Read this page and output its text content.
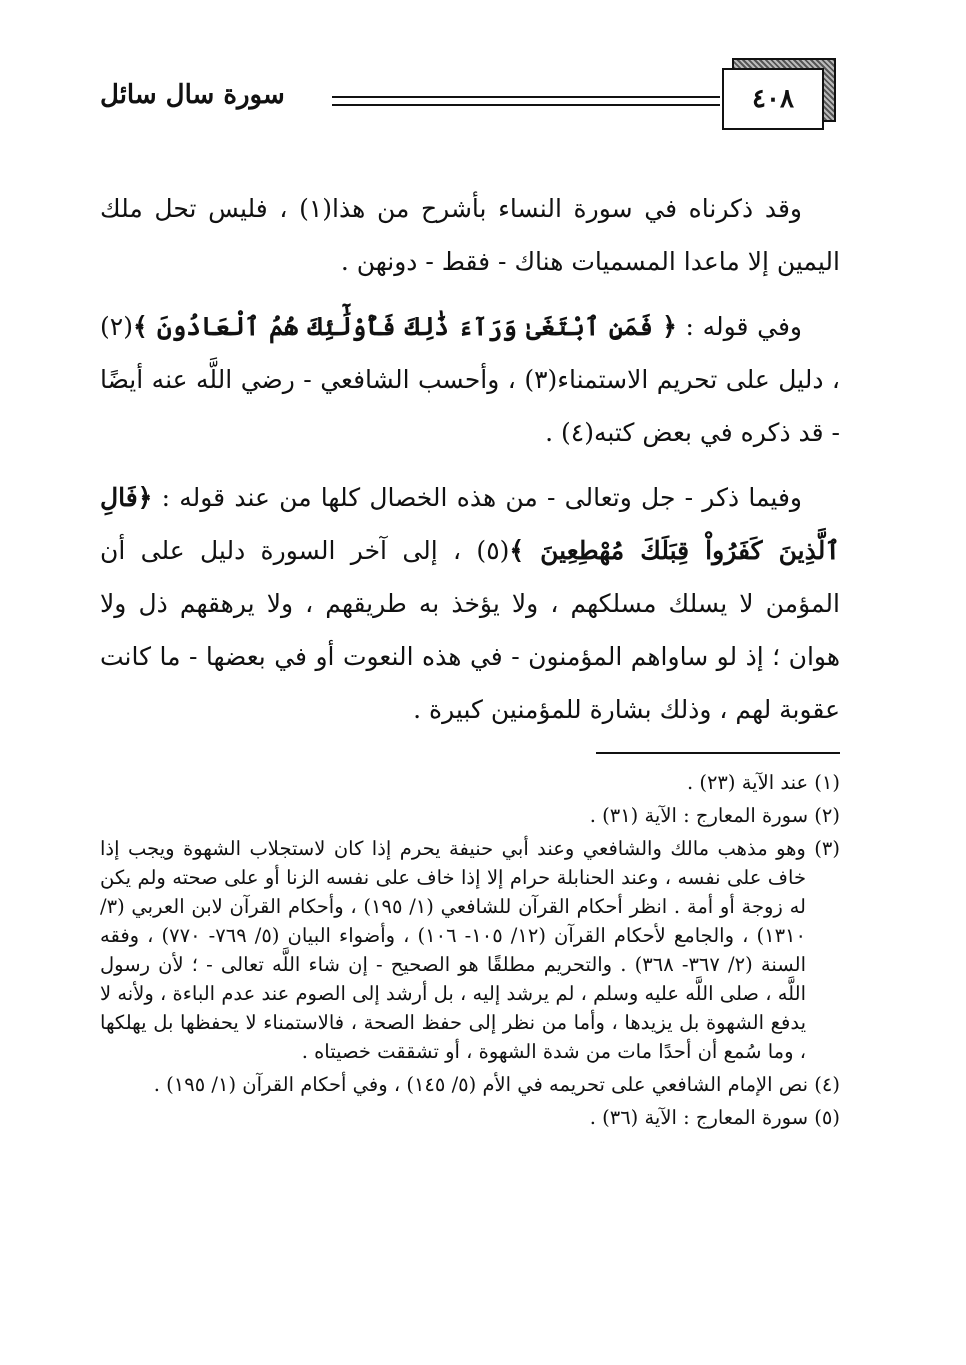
سورة سال سائل	٤٠٨

وقد ذكرناه في سورة النساء بأشرح من هذا(١) ، فليس تحل ملك اليمين إلا ماعدا المسميات هناك - فقط - دونهن .

وفي قوله : ﴿ فَمَنِ ٱبْتَغَىٰ وَرَآءَ ذَٰلِكَ فَأُوْلَٰٓئِكَ هُمُ ٱلْعَادُونَ ﴾(٢) ، دليل على تحريم الاستمناء(٣) ، وأحسب الشافعي - رضي اللَّه عنه أيضًا - قد ذكره في بعض كتبه(٤) .

وفيما ذكر - جل وتعالى - من هذه الخصال كلها من عند قوله : ﴿فَالِ ٱلَّذِينَ كَفَرُواْ قِبَلَكَ مُهْطِعِينَ ﴾(٥) ، إلى آخر السورة دليل على أن المؤمن لا يسلك مسلكهم ، ولا يؤخذ به طريقهم ، ولا يرهقهم ذل ولا هوان ؛ إذ لو ساواهم المؤمنون - في هذه النعوت أو في بعضها - ما كانت عقوبة لهم ، وذلك بشارة للمؤمنين كبيرة .

(١) عند الآية (٢٣) .

(٢) سورة المعارج : الآية (٣١) .

(٣) وهو مذهب مالك والشافعي وعند أبي حنيفة يحرم إذا كان لاستجلاب الشهوة ويجب إذا خاف على نفسه ، وعند الحنابلة حرام إلا إذا خاف على نفسه الزنا أو على صحته ولم يكن له زوجة أو أمة . انظر أحكام القرآن للشافعي (١/ ١٩٥) ، وأحكام القرآن لابن العربي (٣/ ١٣١٠) ، والجامع لأحكام القرآن (١٢/ ١٠٥- ١٠٦) ، وأضواء البيان (٥/ ٧٦٩- ٧٧٠) ، وفقه السنة (٢/ ٣٦٧- ٣٦٨) . والتحريم مطلقًا هو الصحيح - إن شاء اللَّه تعالى - ؛ لأن رسول اللَّه ، صلى اللَّه عليه وسلم ، لم يرشد إليه ، بل أرشد إلى الصوم عند عدم الباءة ، ولأنه لا يدفع الشهوة بل يزيدها ، وأما من نظر إلى حفظ الصحة ، فالاستمناء لا يحفظها بل يهلكها ، وما سُمع أن أحدًا مات من شدة الشهوة ، أو تشققت خصيتاه .

(٤) نص الإمام الشافعي على تحريمه في الأم (٥/ ١٤٥) ، وفي أحكام القرآن (١/ ١٩٥) .

(٥) سورة المعارج : الآية (٣٦) .
